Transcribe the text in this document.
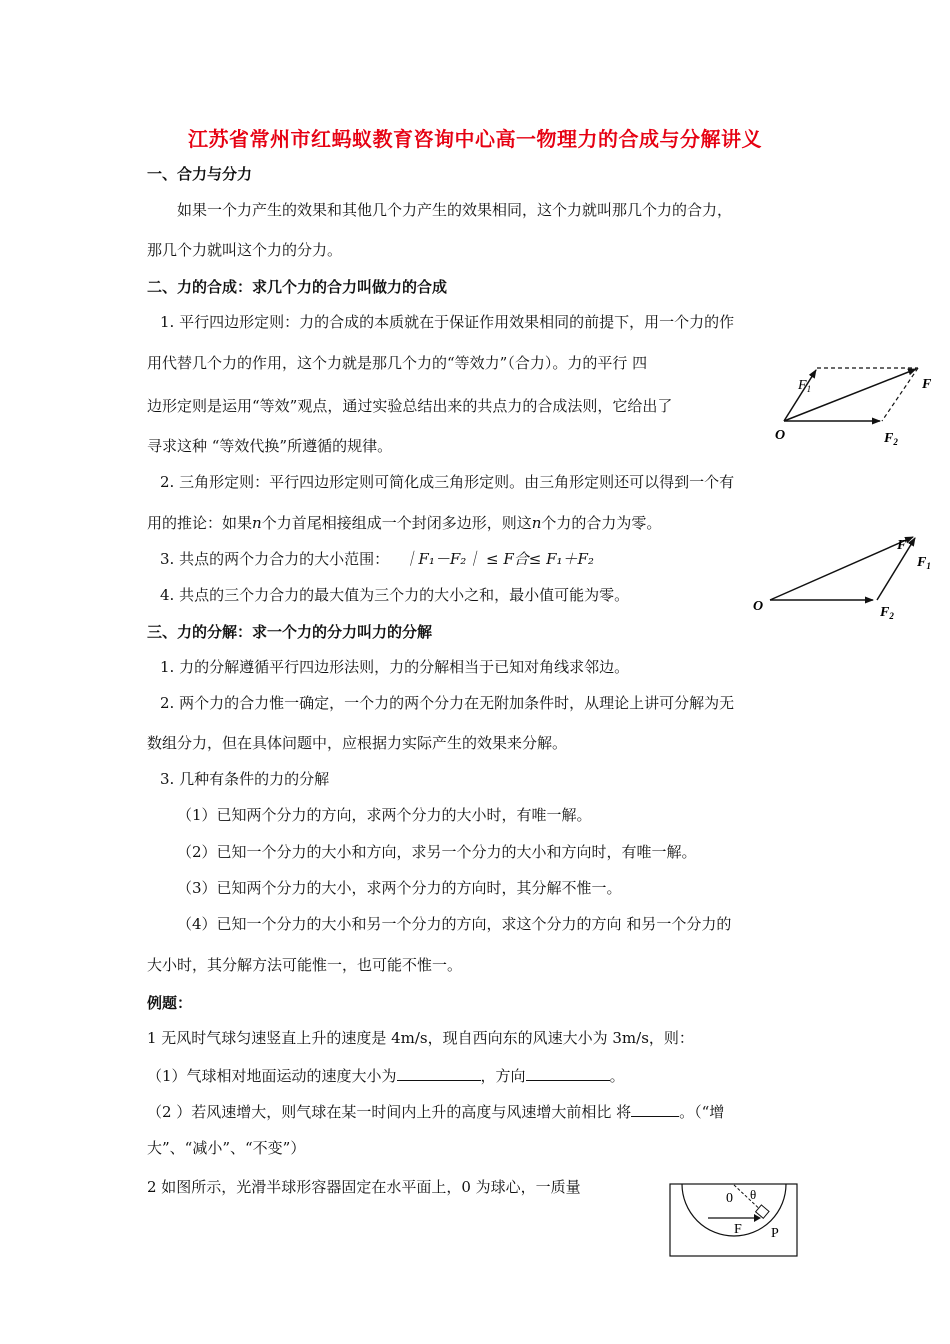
江苏省常州市红蚂蚁教育咨询中心高一物理力的合成与分解讲义
一、合力与分力
如果一个力产生的效果和其他几个力产生的效果相同，这个力就叫那几个力的合力，
那几个力就叫这个力的分力。
二、力的合成：求几个力的合力叫做力的合成
1. 平行四边形定则：力的合成的本质就在于保证作用效果相同的前提下，用一个力的作
用代替几个力的作用，这个力就是那几个力的“等效力”（合力）。力的平行 四
边形定则是运用“等效”观点，通过实验总结出来的共点力的合成法则，它给出了
寻求这种 “等效代换”所遵循的规律。
2. 三角形定则：平行四边形定则可简化成三角形定则。由三角形定则还可以得到一个有
用的推论：如果n个力首尾相接组成一个封闭多边形，则这n个力的合力为零。
3. 共点的两个力合力的大小范围： ｜F₁－F₂｜ ≤ F合≤ F₁＋F₂
4. 共点的三个力合力的最大值为三个力的大小之和，最小值可能为零。
三、力的分解：求一个力的分力叫力的分解
1. 力的分解遵循平行四边形法则，力的分解相当于已知对角线求邻边。
2. 两个力的合力惟一确定，一个力的两个分力在无附加条件时，从理论上讲可分解为无
数组分力，但在具体问题中，应根据力实际产生的效果来分解。
3. 几种有条件的力的分解
（1）已知两个分力的方向，求两个分力的大小时，有唯一解。
（2）已知一个分力的大小和方向，求另一个分力的大小和方向时，有唯一解。
（3）已知两个分力的大小，求两个分力的方向时，其分解不惟一。
（4）已知一个分力的大小和另一个分力的方向，求这个分力的方向 和另一个分力的
大小时，其分解方法可能惟一，也可能不惟一。
例题：
1 无风时气球匀速竖直上升的速度是 4m/s，现自西向东的风速大小为 3m/s，则：
（1）气球相对地面运动的速度大小为	，方向	。
（2 ）若风速增大，则气球在某一时间内上升的高度与风速增大前相比 将	。（“增
大”、“减小”、“不变”）
2 如图所示，光滑半球形容器固定在水平面上，0 为球心，一质量
F
$F_1$
O	$F_2$
F
$F_1$
O	$F_2$
0 θ
F P
